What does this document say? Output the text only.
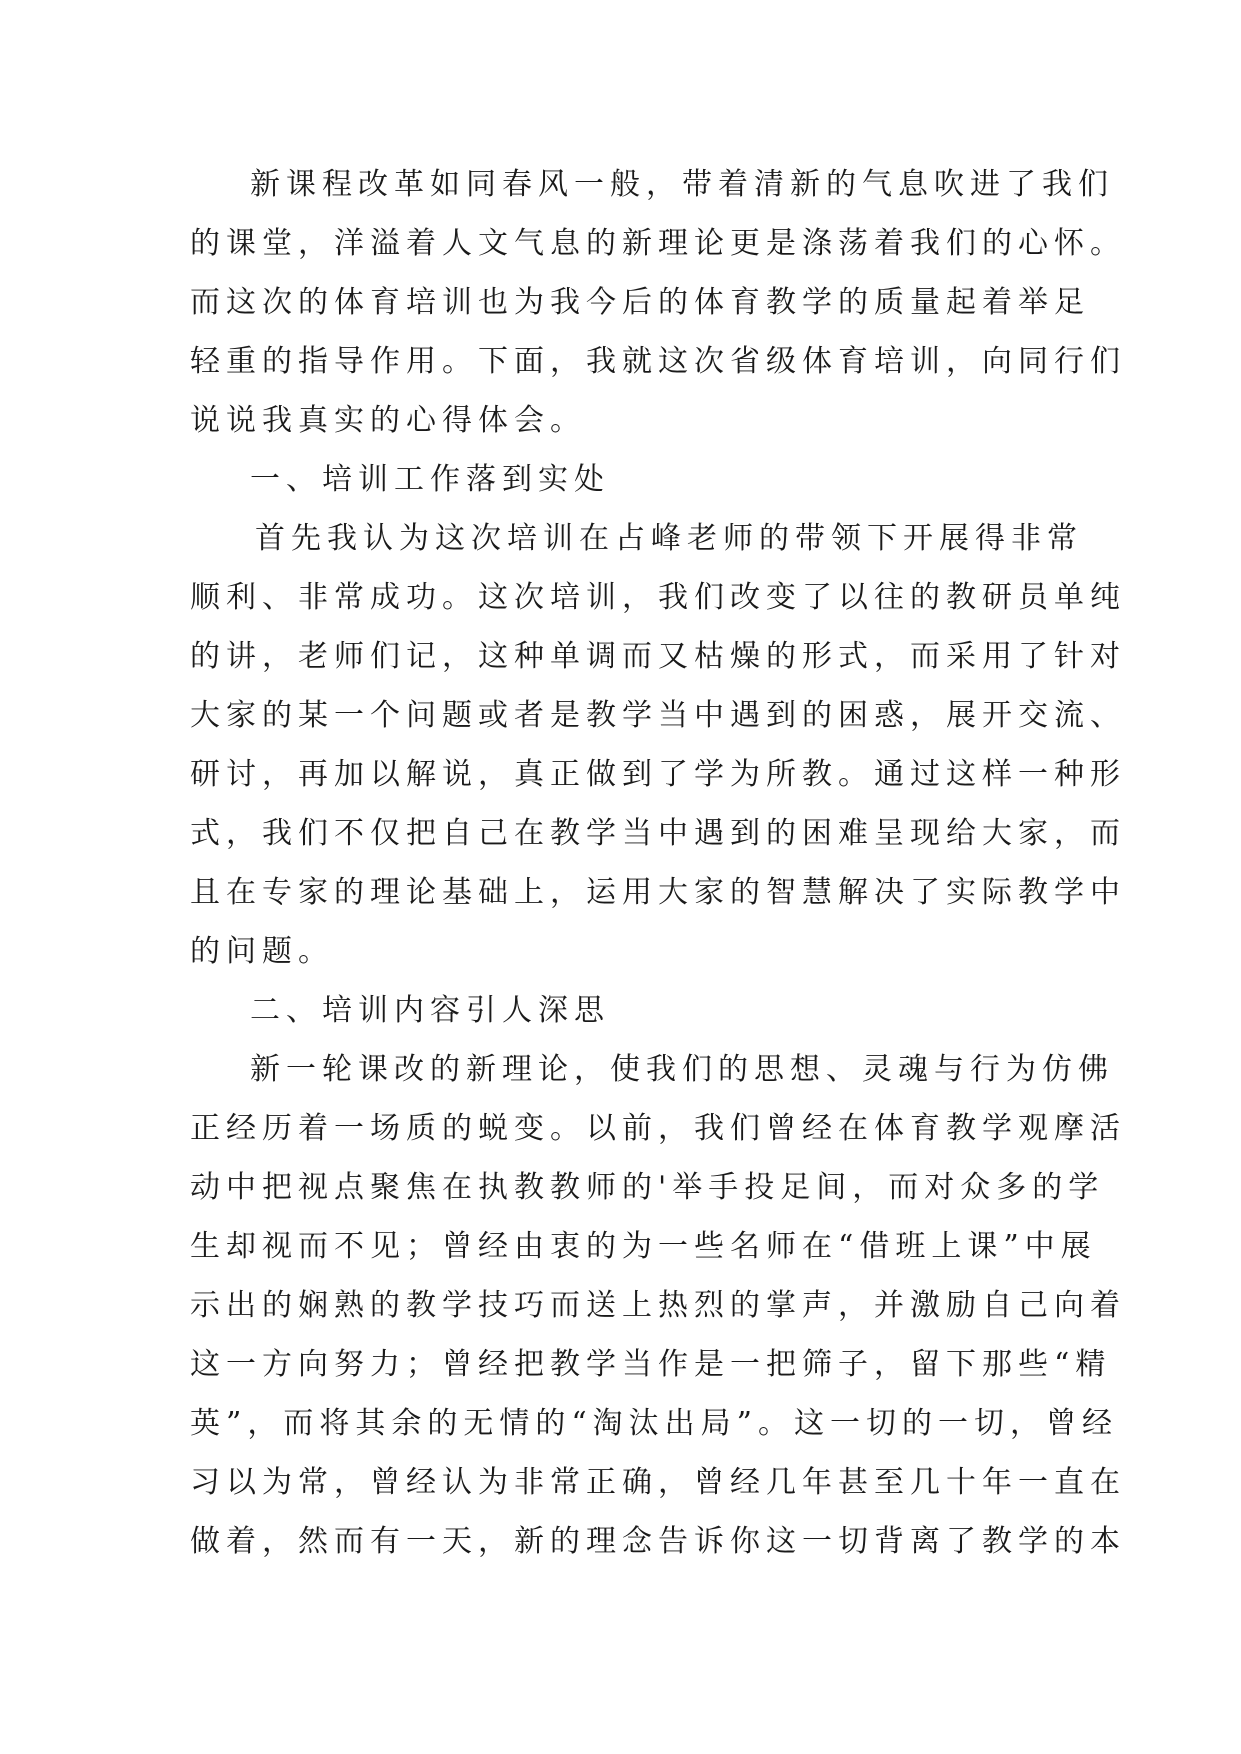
新课程改革如同春风一般，带着清新的气息吹进了我们
的课堂，洋溢着人文气息的新理论更是涤荡着我们的心怀。
而这次的体育培训也为我今后的体育教学的质量起着举足
轻重的指导作用。下面，我就这次省级体育培训，向同行们
说说我真实的心得体会。
一、培训工作落到实处
首先我认为这次培训在占峰老师的带领下开展得非常
顺利、非常成功。这次培训，我们改变了以往的教研员单纯
的讲，老师们记，这种单调而又枯燥的形式，而采用了针对
大家的某一个问题或者是教学当中遇到的困惑，展开交流、
研讨，再加以解说，真正做到了学为所教。通过这样一种形
式，我们不仅把自己在教学当中遇到的困难呈现给大家，而
且在专家的理论基础上，运用大家的智慧解决了实际教学中
的问题。
二、培训内容引人深思
新一轮课改的新理论，使我们的思想、灵魂与行为仿佛
正经历着一场质的蜕变。以前，我们曾经在体育教学观摩活
动中把视点聚焦在执教教师的'举手投足间，而对众多的学
生却视而不见；曾经由衷的为一些名师在“借班上课”中展
示出的娴熟的教学技巧而送上热烈的掌声，并激励自己向着
这一方向努力；曾经把教学当作是一把筛子，留下那些“精
英”，而将其余的无情的“淘汰出局”。这一切的一切，曾经
习以为常，曾经认为非常正确，曾经几年甚至几十年一直在
做着，然而有一天，新的理念告诉你这一切背离了教学的本
